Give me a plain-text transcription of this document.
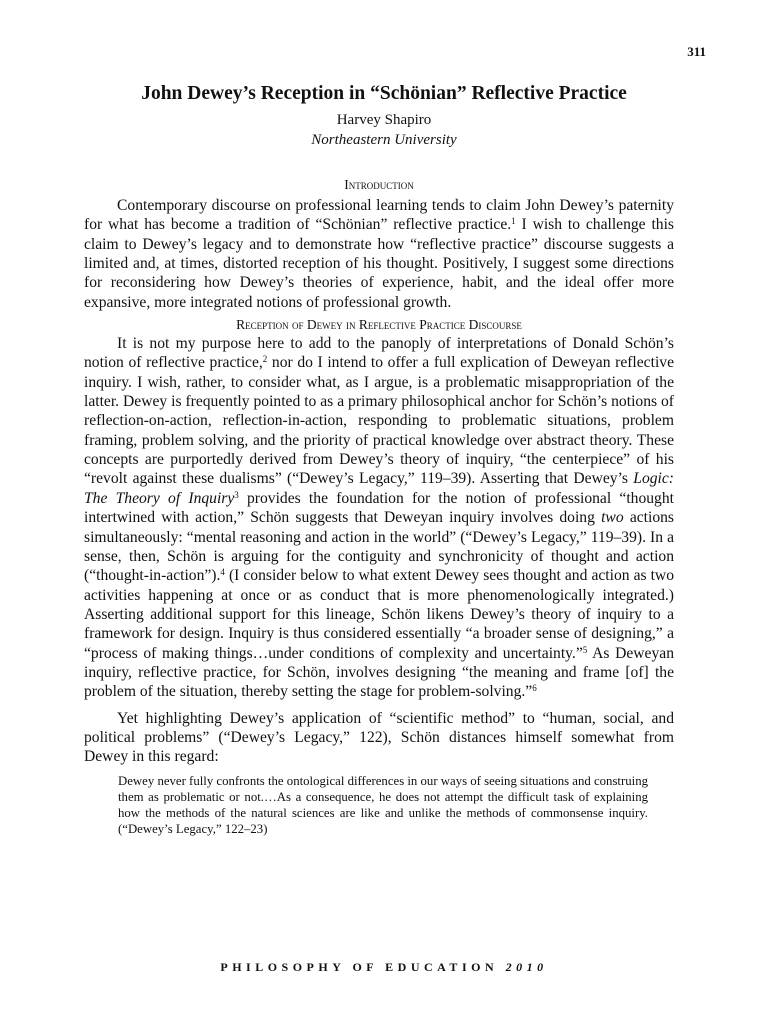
311
John Dewey’s Reception in “Schönian” Reflective Practice
Harvey Shapiro
Northeastern University
Introduction

Contemporary discourse on professional learning tends to claim John Dewey’s paternity for what has become a tradition of “Schönian” reflective practice.$^1$ I wish to challenge this claim to Dewey’s legacy and to demonstrate how “reflective practice” discourse suggests a limited and, at times, distorted reception of his thought. Positively, I suggest some directions for reconsidering how Dewey’s theories of experience, habit, and the ideal offer more expansive, more integrated notions of professional growth.

Reception of Dewey in Reflective Practice Discourse

It is not my purpose here to add to the panoply of interpretations of Donald Schön’s notion of reflective practice,$^2$ nor do I intend to offer a full explication of Deweyan reflective inquiry. I wish, rather, to consider what, as I argue, is a problematic misappropriation of the latter. Dewey is frequently pointed to as a primary philosophical anchor for Schön’s notions of reflection-on-action, reflection-in-action, responding to problematic situations, problem framing, problem solving, and the priority of practical knowledge over abstract theory. These concepts are purportedly derived from Dewey’s theory of inquiry, “the centerpiece” of his “revolt against these dualisms” (“Dewey’s Legacy,” 119–39). Asserting that Dewey’s Logic: The Theory of Inquiry$^3$ provides the foundation for the notion of professional “thought intertwined with action,” Schön suggests that Deweyan inquiry involves doing two actions simultaneously: “mental reasoning and action in the world” (“Dewey’s Legacy,” 119–39). In a sense, then, Schön is arguing for the contiguity and synchronicity of thought and action (“thought-in-action”).$^4$ (I consider below to what extent Dewey sees thought and action as two activities happening at once or as conduct that is more phenomenologically integrated.) Asserting additional support for this lineage, Schön likens Dewey’s theory of inquiry to a framework for design. Inquiry is thus considered essentially “a broader sense of designing,” a “process of making things…under conditions of complexity and uncertainty.”$^5$ As Deweyan inquiry, reflective practice, for Schön, involves designing “the meaning and frame [of] the problem of the situation, thereby setting the stage for problem-solving.”$^6$

Yet highlighting Dewey’s application of “scientific method” to “human, social, and political problems” (“Dewey’s Legacy,” 122), Schön distances himself somewhat from Dewey in this regard:

Dewey never fully confronts the ontological differences in our ways of seeing situations and construing them as problematic or not.…As a consequence, he does not attempt the difficult task of explaining how the methods of the natural sciences are like and unlike the methods of commonsense inquiry. (“Dewey’s Legacy,” 122–23)
PHILOSOPHY OF EDUCATION 2010
